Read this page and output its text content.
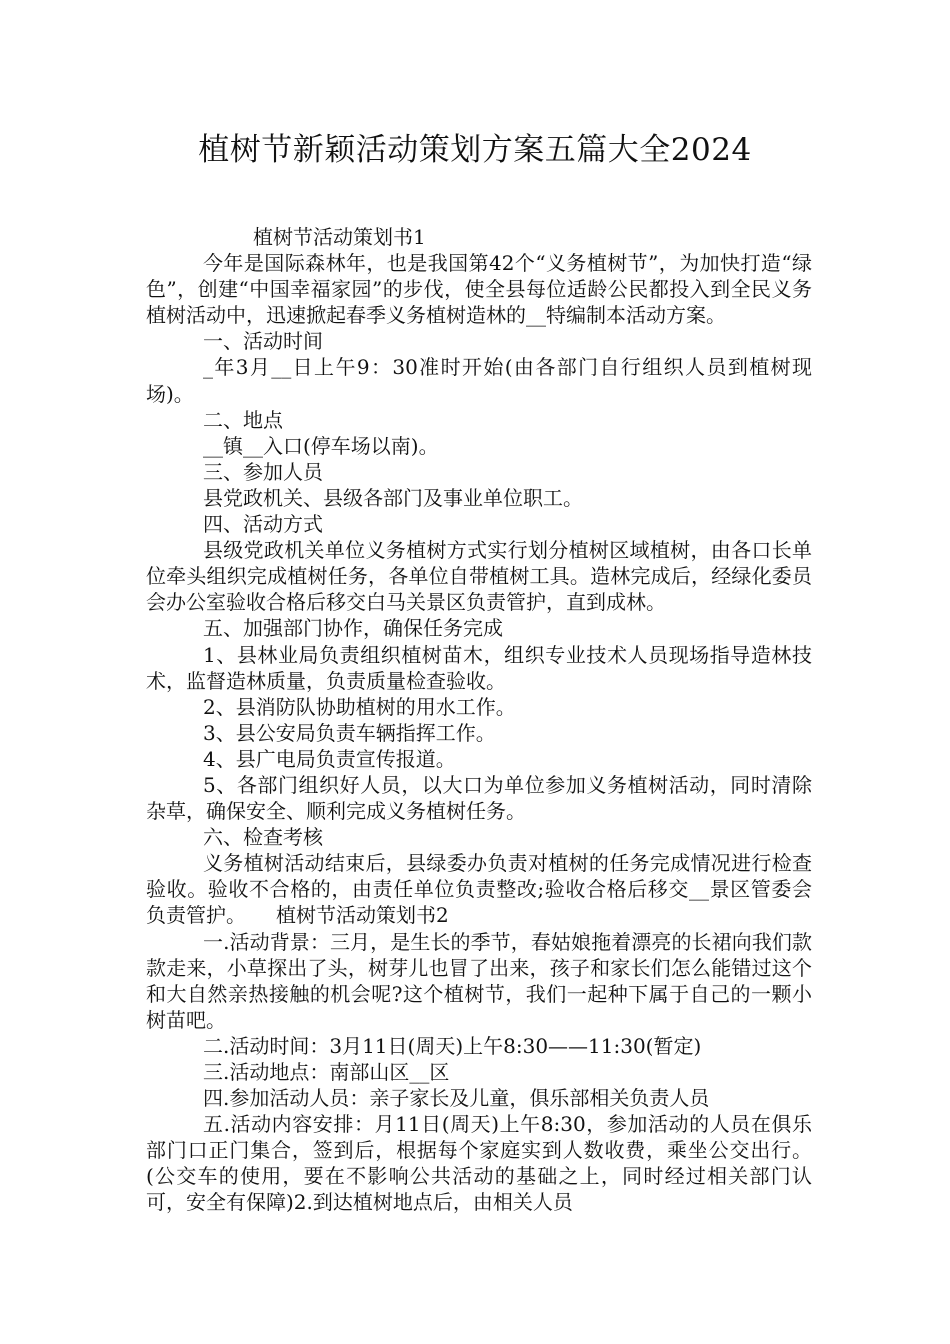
植树节新颖活动策划方案五篇大全2024

植树节活动策划书1

今年是国际森林年，也是我国第42个“义务植树节”，为加快打造“绿色”，创建“中国幸福家园”的步伐，使全县每位适龄公民都投入到全民义务植树活动中，迅速掀起春季义务植树造林的__特编制本活动方案。

一、活动时间

_年3月__日上午9：30准时开始(由各部门自行组织人员到植树现场)。

二、地点

__镇__入口(停车场以南)。

三、参加人员

县党政机关、县级各部门及事业单位职工。

四、活动方式

县级党政机关单位义务植树方式实行划分植树区域植树，由各口长单位牵头组织完成植树任务，各单位自带植树工具。造林完成后，经绿化委员会办公室验收合格后移交白马关景区负责管护，直到成林。

五、加强部门协作，确保任务完成

1、县林业局负责组织植树苗木，组织专业技术人员现场指导造林技术，监督造林质量，负责质量检查验收。

2、县消防队协助植树的用水工作。

3、县公安局负责车辆指挥工作。

4、县广电局负责宣传报道。

5、各部门组织好人员，以大口为单位参加义务植树活动，同时清除杂草，确保安全、顺利完成义务植树任务。

六、检查考核

义务植树活动结束后，县绿委办负责对植树的任务完成情况进行检查验收。验收不合格的，由责任单位负责整改;验收合格后移交__景区管委会负责管护。　　植树节活动策划书2

一.活动背景：三月，是生长的季节，春姑娘拖着漂亮的长裙向我们款款走来，小草探出了头，树芽儿也冒了出来，孩子和家长们怎么能错过这个和大自然亲热接触的机会呢?这个植树节，我们一起种下属于自己的一颗小树苗吧。

二.活动时间：3月11日(周天)上午8:30——11:30(暂定)

三.活动地点：南部山区__区

四.参加活动人员：亲子家长及儿童，俱乐部相关负责人员

五.活动内容安排：月11日(周天)上午8:30，参加活动的人员在俱乐部门口正门集合，签到后，根据每个家庭实到人数收费，乘坐公交出行。(公交车的使用，要在不影响公共活动的基础之上，同时经过相关部门认可，安全有保障)2.到达植树地点后，由相关人员
